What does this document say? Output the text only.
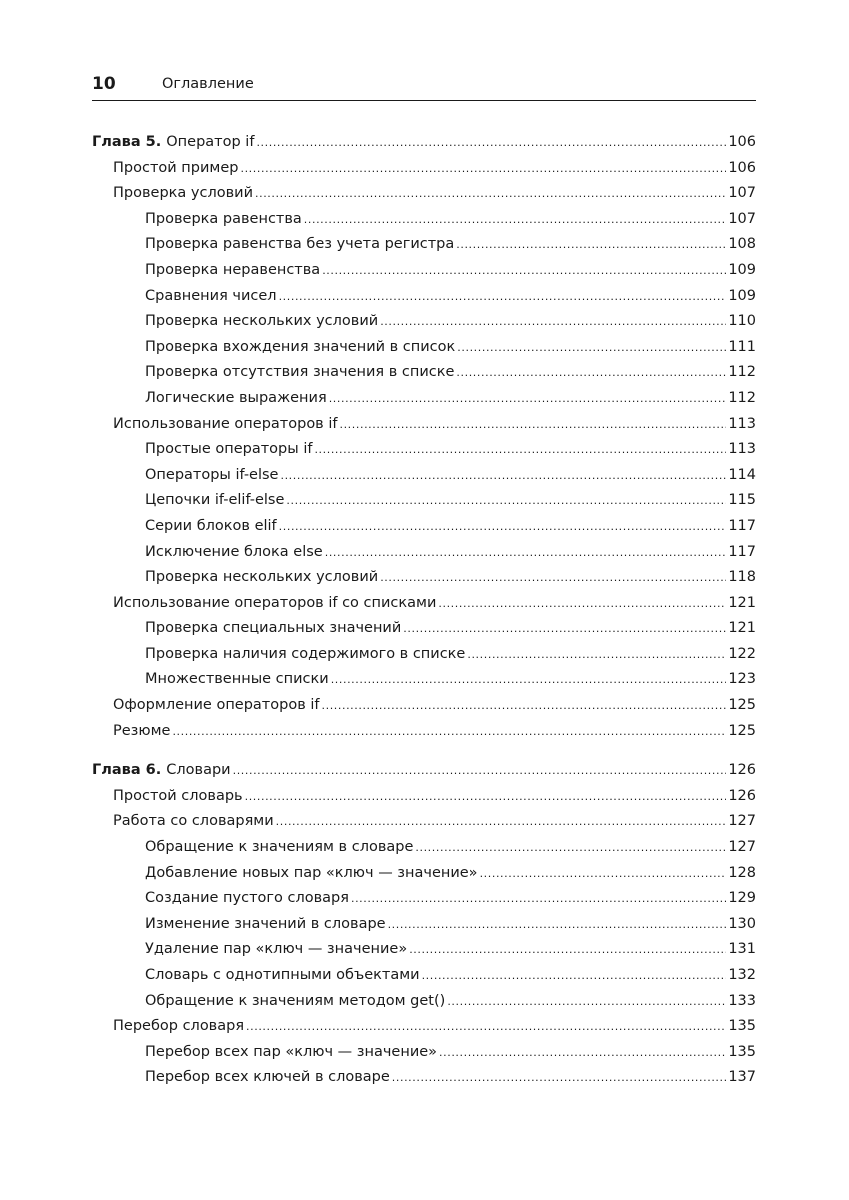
10	Оглавление
Глава 5. Оператор if .....	106
Простой пример .....	106
Проверка условий .....	107
Проверка равенства .....	107
Проверка равенства без учета регистра .....	108
Проверка неравенства .....	109
Сравнения чисел .....	109
Проверка нескольких условий .....	110
Проверка вхождения значений в список .....	111
Проверка отсутствия значения в списке .....	112
Логические выражения .....	112
Использование операторов if .....	113
Простые операторы if .....	113
Операторы if-else .....	114
Цепочки if-elif-else .....	115
Серии блоков elif .....	117
Исключение блока else .....	117
Проверка нескольких условий .....	118
Использование операторов if со списками .....	121
Проверка специальных значений .....	121
Проверка наличия содержимого в списке .....	122
Множественные списки .....	123
Оформление операторов if .....	125
Резюме .....	125
Глава 6. Словари .....	126
Простой словарь .....	126
Работа со словарями .....	127
Обращение к значениям в словаре .....	127
Добавление новых пар «ключ — значение» .....	128
Создание пустого словаря .....	129
Изменение значений в словаре .....	130
Удаление пар «ключ — значение» .....	131
Словарь с однотипными объектами .....	132
Обращение к значениям методом get() .....	133
Перебор словаря .....	135
Перебор всех пар «ключ — значение» .....	135
Перебор всех ключей в словаре .....	137
